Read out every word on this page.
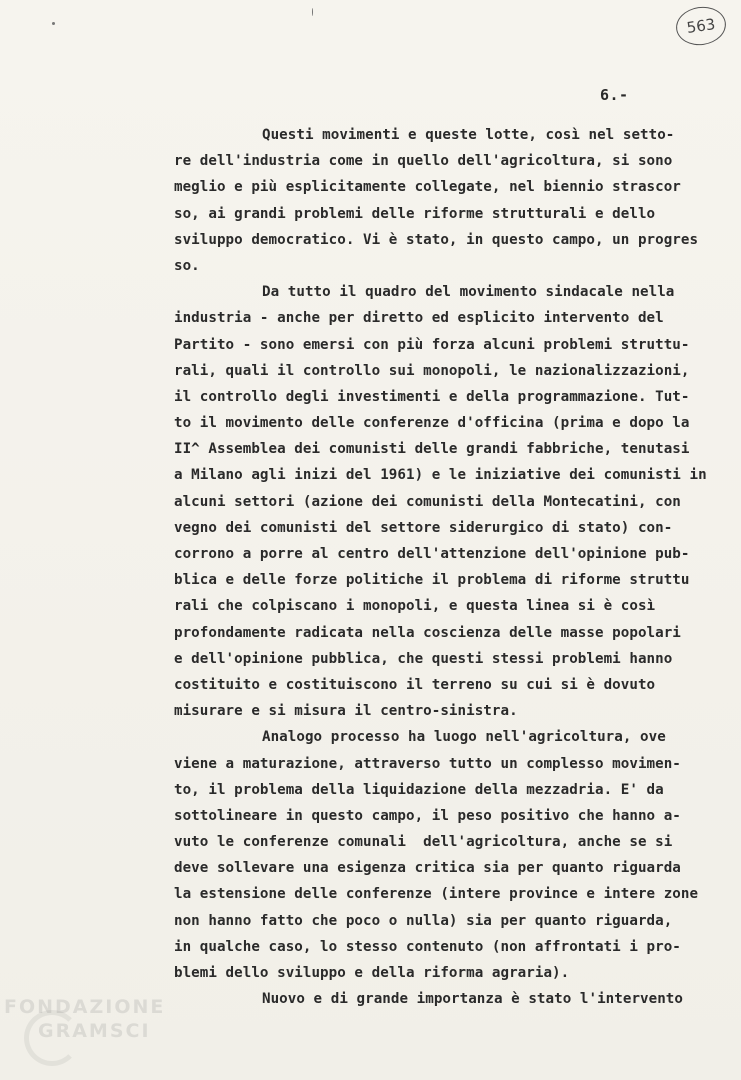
563
6.-
Questi movimenti e queste lotte, così nel setto-
re dell'industria come in quello dell'agricoltura, si sono
meglio e più esplicitamente collegate, nel biennio strascor
so, ai grandi problemi delle riforme strutturali e dello
sviluppo democratico. Vi è stato, in questo campo, un progres
so.
Da tutto il quadro del movimento sindacale nella
industria - anche per diretto ed esplicito intervento del
Partito - sono emersi con più forza alcuni problemi struttu-
rali, quali il controllo sui monopoli, le nazionalizzazioni,
il controllo degli investimenti e della programmazione. Tut-
to il movimento delle conferenze d'officina (prima e dopo la
II^ Assemblea dei comunisti delle grandi fabbriche, tenutasi
a Milano agli inizi del 1961) e le iniziative dei comunisti in
alcuni settori (azione dei comunisti della Montecatini, con
vegno dei comunisti del settore siderurgico di stato) con-
corrono a porre al centro dell'attenzione dell'opinione pub-
blica e delle forze politiche il problema di riforme struttu
rali che colpiscano i monopoli, e questa linea si è così
profondamente radicata nella coscienza delle masse popolari
e dell'opinione pubblica, che questi stessi problemi hanno
costituito e costituiscono il terreno su cui si è dovuto
misurare e si misura il centro-sinistra.
Analogo processo ha luogo nell'agricoltura, ove
viene a maturazione, attraverso tutto un complesso movimen-
to, il problema della liquidazione della mezzadria. E' da
sottolineare in questo campo, il peso positivo che hanno a-
vuto le conferenze comunali  dell'agricoltura, anche se si
deve sollevare una esigenza critica sia per quanto riguarda
la estensione delle conferenze (intere province e intere zone
non hanno fatto che poco o nulla) sia per quanto riguarda,
in qualche caso, lo stesso contenuto (non affrontati i pro-
blemi dello sviluppo e della riforma agraria).
Nuovo e di grande importanza è stato l'intervento
FONDAZIONE
GRAMSCI
